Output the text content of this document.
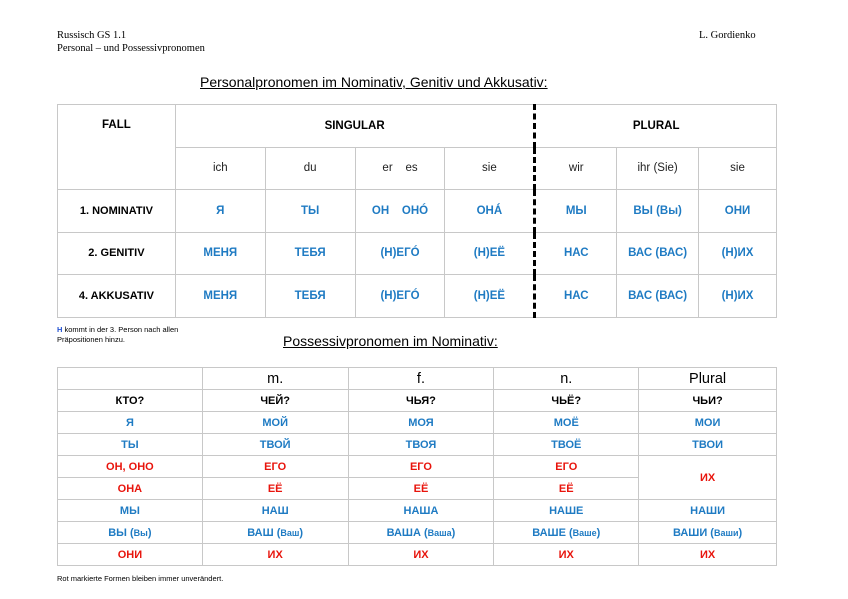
Russisch GS 1.1
Personal – und Possessivpronomen
L. Gordienko
Personalpronomen im Nominativ, Genitiv und Akkusativ:
FALL	SINGULAR				PLURAL		
	ich	du	er es	sie	wir	ihr (Sie)	sie
1. NOMINATIV	Я	ТЫ	ОН ОНÓ	ОНÁ	МЫ	ВЫ (Вы)	ОНИ
2. GENITIV	МЕНЯ	ТЕБЯ	(Н)ЕГÓ	(Н)ЕЁ	НАС	ВАС (ВАС)	(Н)ИХ
4. AKKUSATIV	МЕНЯ	ТЕБЯ	(Н)ЕГÓ	(Н)ЕЁ	НАС	ВАС (ВАС)	(Н)ИХ
Н kommt in der 3. Person nach allen
Präpositionen hinzu.	Possessivpronomen im Nominativ:
	m.	f.	n.	Plural
КТО?	ЧЕЙ?	ЧЬЯ?	ЧЬЁ?	ЧЬИ?
Я	МОЙ	МОЯ	МОЁ	МОИ
ТЫ	ТВОЙ	ТВОЯ	ТВОЁ	ТВОИ
ОН, ОНО	ЕГО	ЕГО	ЕГО	ИХ
ОНА	ЕЁ	ЕЁ	ЕЁ	
МЫ	НАШ	НАША	НАШЕ	НАШИ
ВЫ (Вы)	ВАШ (Ваш)	ВАША (Ваша)	ВАШЕ (Ваше)	ВАШИ (Ваши)
ОНИ	ИХ	ИХ	ИХ	ИХ
Rot markierte Formen bleiben immer unverändert.
